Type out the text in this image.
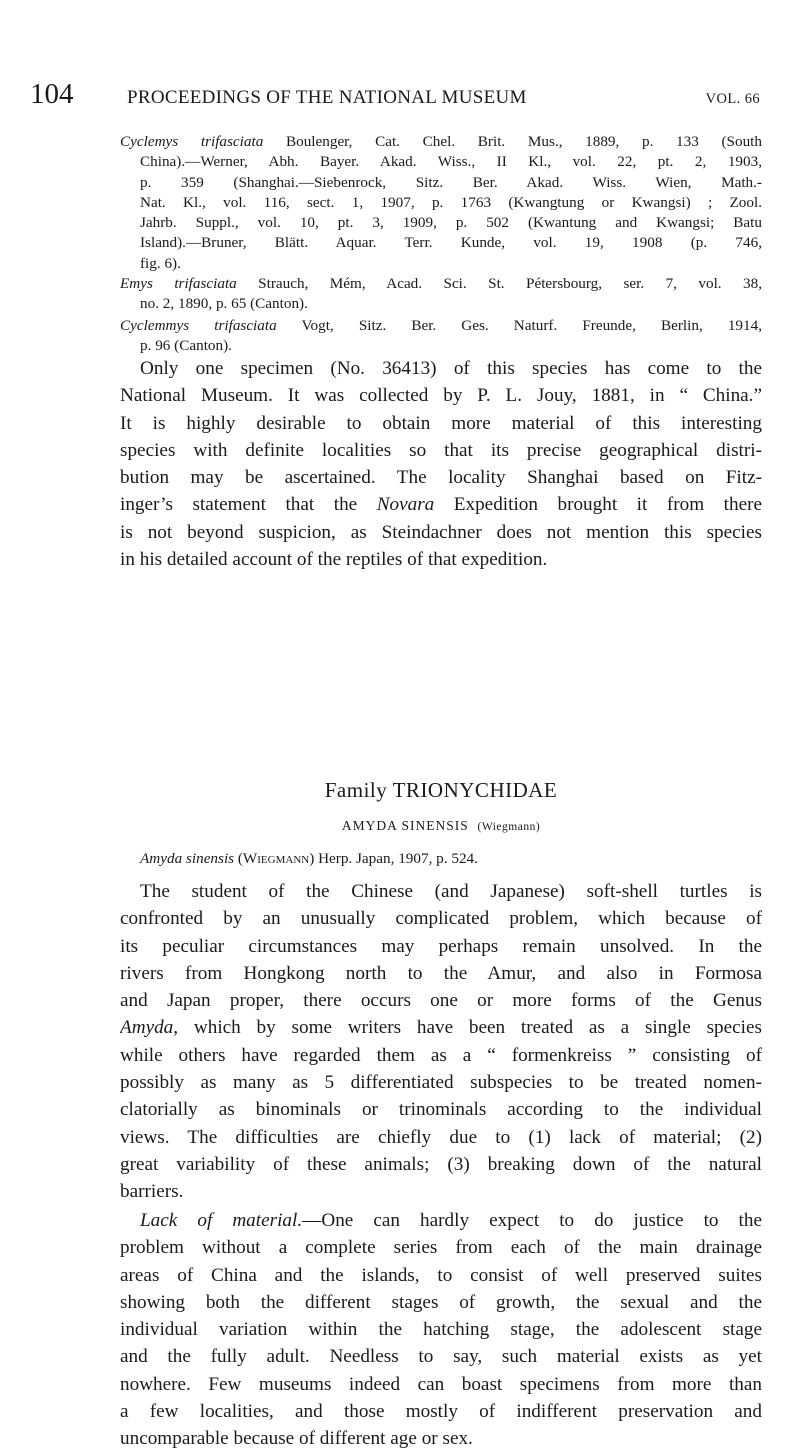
104	PROCEEDINGS OF THE NATIONAL MUSEUM	VOL. 66
Cyclemys trifasciata Boulenger, Cat. Chel. Brit. Mus., 1889, p. 133 (South
China).—Werner, Abh. Bayer. Akad. Wiss., II Kl., vol. 22, pt. 2, 1903,
p. 359 (Shanghai.—Siebenrock, Sitz. Ber. Akad. Wiss. Wien, Math.-
Nat. Kl., vol. 116, sect. 1, 1907, p. 1763 (Kwangtung or Kwangsi) ; Zool.
Jahrb. Suppl., vol. 10, pt. 3, 1909, p. 502 (Kwantung and Kwangsi; Batu
Island).—Bruner, Blätt. Aquar. Terr. Kunde, vol. 19, 1908 (p. 746,
fig. 6).
Emys trifasciata Strauch, Mém, Acad. Sci. St. Pétersbourg, ser. 7, vol. 38,
no. 2, 1890, p. 65 (Canton).
Cyclemmys trifasciata Vogt, Sitz. Ber. Ges. Naturf. Freunde, Berlin, 1914,
p. 96 (Canton).
Only one specimen (No. 36413) of this species has come to the
National Museum. It was collected by P. L. Jouy, 1881, in “ China.”
It is highly desirable to obtain more material of this interesting
species with definite localities so that its precise geographical distri-
bution may be ascertained. The locality Shanghai based on Fitz-
inger’s statement that the Novara Expedition brought it from there
is not beyond suspicion, as Steindachner does not mention this species
in his detailed account of the reptiles of that expedition.
Family TRIONYCHIDAE
AMYDA SINENSIS (Wiegmann)
Amyda sinensis (Wiegmann) Herp. Japan, 1907, p. 524.
The student of the Chinese (and Japanese) soft-shell turtles is
confronted by an unusually complicated problem, which because of
its peculiar circumstances may perhaps remain unsolved. In the
rivers from Hongkong north to the Amur, and also in Formosa
and Japan proper, there occurs one or more forms of the Genus
Amyda, which by some writers have been treated as a single species
while others have regarded them as a “ formenkreiss ” consisting of
possibly as many as 5 differentiated subspecies to be treated nomen-
clatorially as binominals or trinominals according to the individual
views. The difficulties are chiefly due to (1) lack of material; (2)
great variability of these animals; (3) breaking down of the natural
barriers.
Lack of material.—One can hardly expect to do justice to the
problem without a complete series from each of the main drainage
areas of China and the islands, to consist of well preserved suites
showing both the different stages of growth, the sexual and the
individual variation within the hatching stage, the adolescent stage
and the fully adult. Needless to say, such material exists as yet
nowhere. Few museums indeed can boast specimens from more than
a few localities, and those mostly of indifferent preservation and
uncomparable because of different age or sex.
